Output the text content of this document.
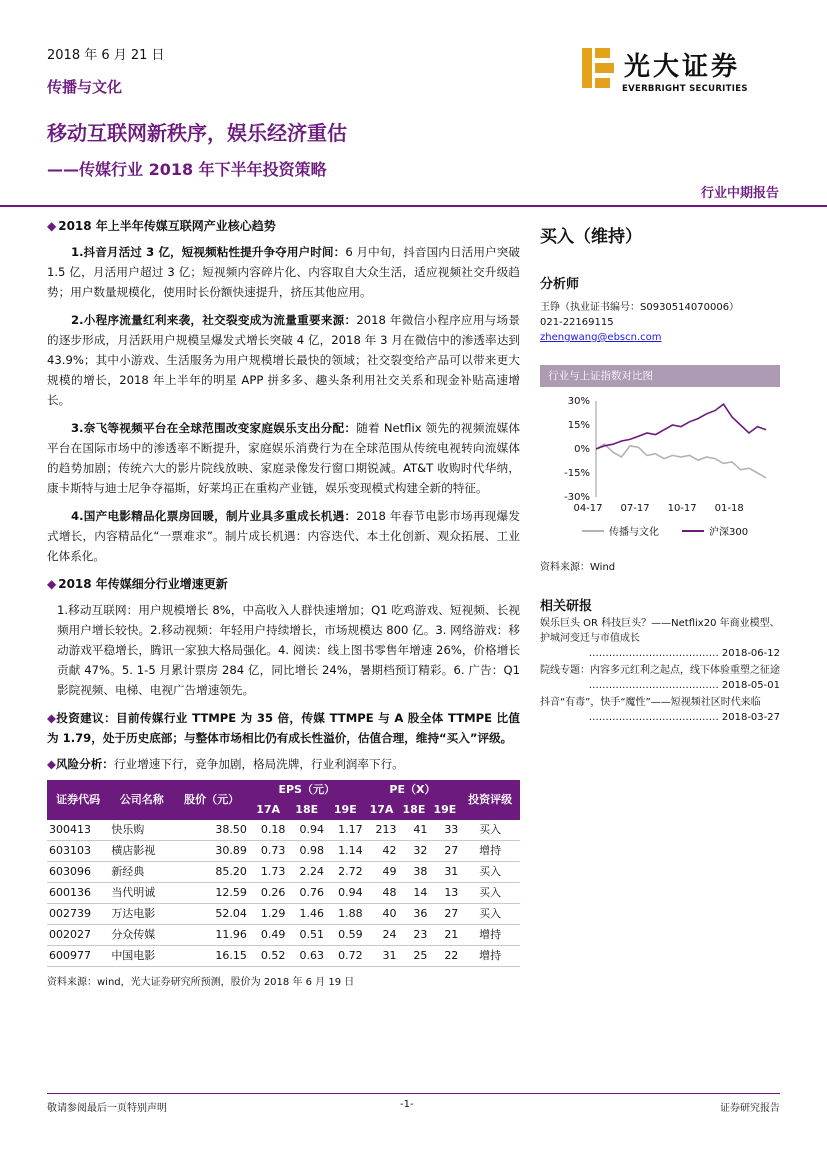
2018 年 6 月 21 日
传播与文化
移动互联网新秩序，娱乐经济重估
——传媒行业 2018 年下半年投资策略
行业中期报告
光大证券
EVERBRIGHT SECURITIES
◆ 2018 年上半年传媒互联网产业核心趋势

1.抖音月活过 3 亿，短视频粘性提升争夺用户时间：6 月中旬，抖音国内日活用户突破 1.5 亿，月活用户超过 3 亿；短视频内容碎片化、内容取自大众生活，适应视频社交升级趋势；用户数量规模化，使用时长份额快速提升，挤压其他应用。

2.小程序流量红利来袭，社交裂变成为流量重要来源：2018 年微信小程序应用与场景的逐步形成，月活跃用户规模呈爆发式增长突破 4 亿，2018 年 3 月在微信中的渗透率达到 43.9%；其中小游戏、生活服务为用户规模增长最快的领域；社交裂变给产品可以带来更大规模的增长，2018 年上半年的明星 APP 拼多多、趣头条利用社交关系和现金补贴高速增长。

3.奈飞等视频平台在全球范围改变家庭娱乐支出分配：随着 Netflix 领先的视频流媒体平台在国际市场中的渗透率不断提升，家庭娱乐消费行为在全球范围从传统电视转向流媒体的趋势加剧；传统六大的影片院线放映、家庭录像发行窗口期锐减。AT&T 收购时代华纳，康卡斯特与迪士尼争夺福斯，好莱坞正在重构产业链，娱乐变现模式构建全新的特征。

4.国产电影精品化票房回暖，制片业具多重成长机遇：2018 年春节电影市场再现爆发式增长，内容精品化“一票难求”。制片成长机遇：内容迭代、本土化创新、观众拓展、工业化体系化。

◆ 2018 年传媒细分行业增速更新

1.移动互联网：用户规模增长 8%，中高收入人群快速增加；Q1 吃鸡游戏、短视频、长视频用户增长较快。2.移动视频：年轻用户持续增长，市场规模达 800 亿。3. 网络游戏：移动游戏平稳增长，腾讯一家独大格局强化。4. 阅读：线上图书零售年增速 26%，价格增长贡献 47%。5. 1-5 月累计票房 284 亿，同比增长 24%，暑期档预订精彩。6. 广告：Q1 影院视频、电梯、电视广告增速领先。

◆投资建议：目前传媒行业 TTMPE 为 35 倍，传媒 TTMPE 与 A 股全体 TTMPE 比值为 1.79，处于历史底部；与整体市场相比仍有成长性溢价，估值合理，维持“买入”评级。

◆风险分析：行业增速下行，竞争加剧，格局洗牌，行业利润率下行。

证券代码	公司名称	股价（元）	EPS（元）			PE（X）			投资评级
			17A	18E	19E	17A	18E	19E	
300413	快乐购	38.50	0.18	0.94	1.17	213	41	33	买入
603103	横店影视	30.89	0.73	0.98	1.14	42	32	27	增持
603096	新经典	85.20	1.73	2.24	2.72	49	38	31	买入
600136	当代明诚	12.59	0.26	0.76	0.94	48	14	13	买入
002739	万达电影	52.04	1.29	1.46	1.88	40	36	27	买入
002027	分众传媒	11.96	0.49	0.51	0.59	24	23	21	增持
600977	中国电影	16.15	0.52	0.63	0.72	31	25	22	增持
资料来源：wind，光大证券研究所预测，股价为 2018 年 6 月 19 日
买入（维持）
分析师
王铮（执业证书编号：S0930514070006）
021-22169115
zhengwang@ebscn.com
行业与上证指数对比图
30%
15%
0%
-15%
-30%
04-17 07-17 10-17 01-18
传播与文化	沪深300
资料来源：Wind
相关研报
娱乐巨头 OR 科技巨头？——Netflix20 年商业模型、护城河变迁与市值成长
………………………………… 2018-06-12
院线专题：内容多元红利之起点，线下体验重塑之征途
………………………………… 2018-05-01
抖音“有毒”，快手“魔性”——短视频社区时代来临
………………………………… 2018-03-27
敬请参阅最后一页特别声明	-1-	证券研究报告
